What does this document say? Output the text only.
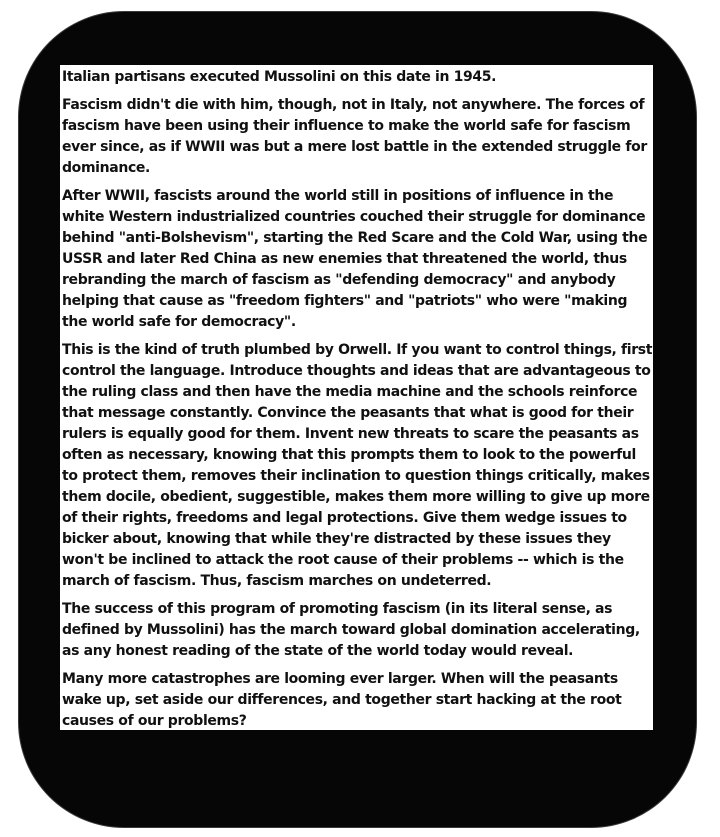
Italian partisans executed Mussolini on this date in 1945.

Fascism didn't die with him, though, not in Italy, not anywhere. The forces of fascism have been using their influence to make the world safe for fascism ever since, as if WWII was but a mere lost battle in the extended struggle for dominance.

After WWII, fascists around the world still in positions of influence in the white Western industrialized countries couched their struggle for dominance behind "anti-Bolshevism", starting the Red Scare and the Cold War, using the USSR and later Red China as new enemies that threatened the world, thus rebranding the march of fascism as "defending democracy" and anybody helping that cause as "freedom fighters" and "patriots" who were "making the world safe for democracy".

This is the kind of truth plumbed by Orwell. If you want to control things, first control the language. Introduce thoughts and ideas that are advantageous to the ruling class and then have the media machine and the schools reinforce that message constantly. Convince the peasants that what is good for their rulers is equally good for them. Invent new threats to scare the peasants as often as necessary, knowing that this prompts them to look to the powerful to protect them, removes their inclination to question things critically, makes them docile, obedient, suggestible, makes them more willing to give up more of their rights, freedoms and legal protections. Give them wedge issues to bicker about, knowing that while they're distracted by these issues they won't be inclined to attack the root cause of their problems -- which is the march of fascism. Thus, fascism marches on undeterred.

The success of this program of promoting fascism (in its literal sense, as defined by Mussolini) has the march toward global domination accelerating, as any honest reading of the state of the world today would reveal.

Many more catastrophes are looming ever larger. When will the peasants wake up, set aside our differences, and together start hacking at the root causes of our problems?
